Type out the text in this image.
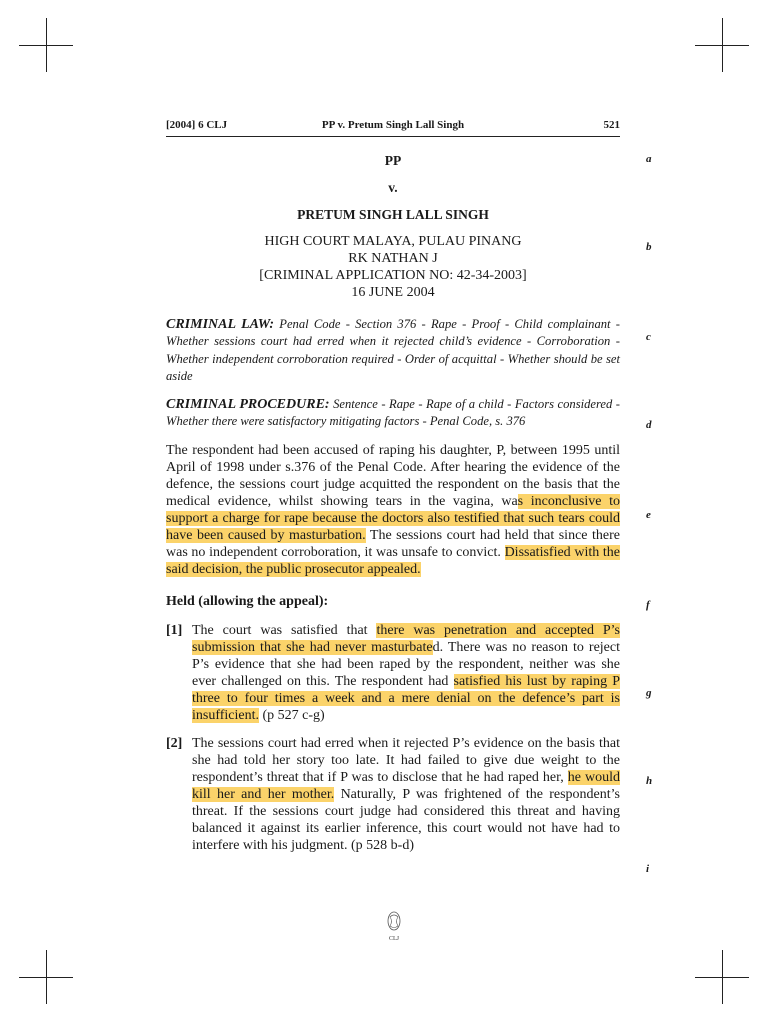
[2004] 6 CLJ	PP v. Pretum Singh Lall Singh	521
a
b
c
d
e
f
g
h
i
PP
v.
PRETUM SINGH LALL SINGH
HIGH COURT MALAYA, PULAU PINANG
RK NATHAN J
[CRIMINAL APPLICATION NO: 42-34-2003]
16 JUNE 2004

CRIMINAL LAW: Penal Code - Section 376 - Rape - Proof - Child complainant - Whether sessions court had erred when it rejected child’s evidence - Corroboration - Whether independent corroboration required - Order of acquittal - Whether should be set aside

CRIMINAL PROCEDURE: Sentence - Rape - Rape of a child - Factors considered - Whether there were satisfactory mitigating factors - Penal Code, s. 376

The respondent had been accused of raping his daughter, P, between 1995 until April of 1998 under s.376 of the Penal Code. After hearing the evidence of the defence, the sessions court judge acquitted the respondent on the basis that the medical evidence, whilst showing tears in the vagina, was inconclusive to support a charge for rape because the doctors also testified that such tears could have been caused by masturbation. The sessions court had held that since there was no independent corroboration, it was unsafe to convict. Dissatisfied with the said decision, the public prosecutor appealed.

Held (allowing the appeal):
[1] The court was satisfied that there was penetration and accepted P’s submission that she had never masturbated. There was no reason to reject P’s evidence that she had been raped by the respondent, neither was she ever challenged on this. The respondent had satisfied his lust by raping P three to four times a week and a mere denial on the defence’s part is insufficient. (p 527 c-g)
[2] The sessions court had erred when it rejected P’s evidence on the basis that she had told her story too late. It had failed to give due weight to the respondent’s threat that if P was to disclose that he had raped her, he would kill her and her mother. Naturally, P was frightened of the respondent’s threat. If the sessions court judge had considered this threat and having balanced it against its earlier inference, this court would not have had to interfere with his judgment. (p 528 b-d)
CLJ
